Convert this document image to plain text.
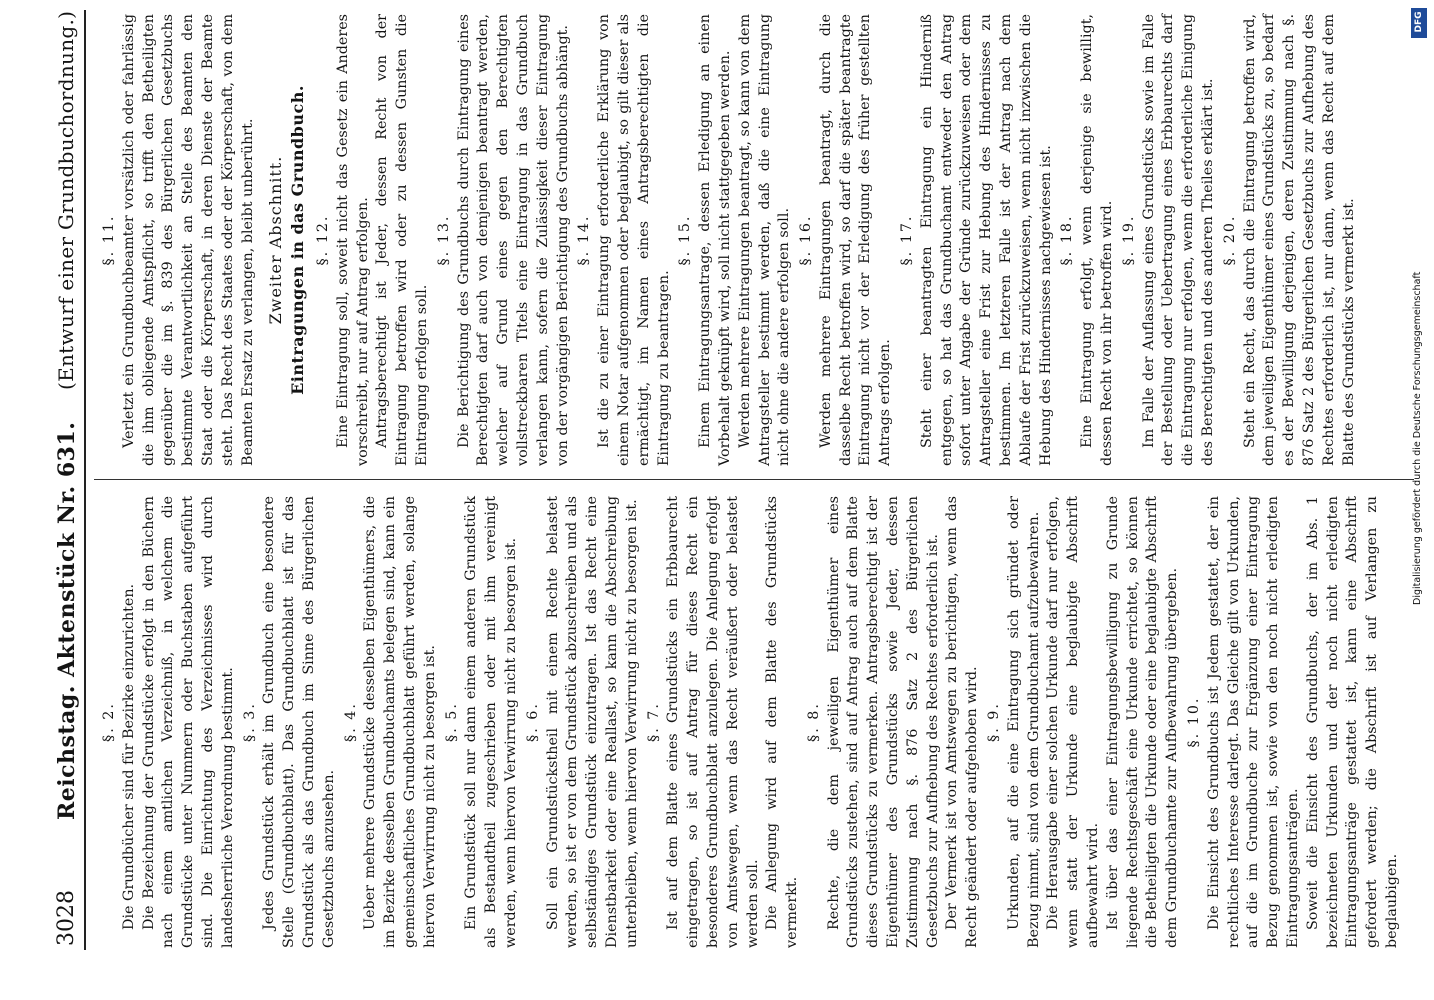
3028
Reichstag. Aktenstück Nr. 631.
(Entwurf einer Grundbuchordnung.)
§. 2. Die Grundbücher sind für Bezirke einzurichten. Die Bezeichnung der Grundstücke erfolgt in den Büchern nach einem amtlichen Verzeichniß, in welchem die Grundstücke unter Nummern oder Buchstaben aufgeführt sind. Die Einrichtung des Verzeichnisses wird durch landesherrliche Verordnung bestimmt. §. 3. Jedes Grundstück erhält im Grundbuch eine besondere Stelle (Grundbuchblatt). Das Grundbuchblatt ist für das Grundstück als das Grundbuch im Sinne des Bürgerlichen Gesetzbuchs anzusehen.

§. 4. Ueber mehrere Grundstücke desselben Eigenthümers, die im Bezirke desselben Grundbuchamts belegen sind, kann ein gemeinschaftliches Grundbuchblatt geführt werden, solange hiervon Verwirrung nicht zu besorgen ist. §. 5. Ein Grundstück soll nur dann einem anderen Grundstück als Bestandtheil zugeschrieben oder mit ihm vereinigt werden, wenn hiervon Verwirrung nicht zu besorgen ist. §. 6. Soll ein Grundstückstheil mit einem Rechte belastet werden, so ist er von dem Grundstück abzuschreiben und als selbständiges Grundstück einzutragen. Ist das Recht eine Dienstbarkeit oder eine Reallast, so kann die Abschreibung unterbleiben, wenn hiervon Verwirrung nicht zu besorgen ist. §. 7. Ist auf dem Blatte eines Grundstücks ein Erbbaurecht eingetragen, so ist auf Antrag für dieses Recht ein besonderes Grundbuchblatt anzulegen. Die Anlegung erfolgt von Amtswegen, wenn das Recht veräußert oder belastet werden soll. Die Anlegung wird auf dem Blatte des Grundstücks vermerkt.

§. 8. Rechte, die dem jeweiligen Eigenthümer eines Grundstücks zustehen, sind auf Antrag auch auf dem Blatte dieses Grundstücks zu vermerken. Antragsberechtigt ist der Eigenthümer des Grundstücks sowie Jeder, dessen Zustimmung nach §. 876 Satz 2 des Bürgerlichen Gesetzbuchs zur Aufhebung des Rechtes erforderlich ist. Der Vermerk ist von Amtswegen zu berichtigen, wenn das Recht geändert oder aufgehoben wird. §. 9. Urkunden, auf die eine Eintragung sich gründet oder Bezug nimmt, sind von dem Grundbuchamt aufzubewahren. Die Herausgabe einer solchen Urkunde darf nur erfolgen, wenn statt der Urkunde eine beglaubigte Abschrift aufbewahrt wird. Ist über das einer Eintragungsbewilligung zu Grunde liegende Rechtsgeschäft eine Urkunde errichtet, so können die Betheiligten die Urkunde oder eine beglaubigte Abschrift dem Grundbuchamte zur Aufbewahrung übergeben. §. 10. Die Einsicht des Grundbuchs ist Jedem gestattet, der ein rechtliches Interesse darlegt. Das Gleiche gilt von Urkunden, auf die im Grundbuche zur Ergänzung einer Eintragung Bezug genommen ist, sowie von den noch nicht erledigten Eintragungsanträgen. Soweit die Einsicht des Grundbuchs, der im Abs. 1 bezeichneten Urkunden und der noch nicht erledigten Eintragungsanträge gestattet ist, kann eine Abschrift gefordert werden; die Abschrift ist auf Verlangen zu beglaubigen.

§. 11. Verletzt ein Grundbuchbeamter vorsätzlich oder fahrlässig die ihm obliegende Amtspflicht, so trifft den Betheiligten gegenüber die im §. 839 des Bürgerlichen Gesetzbuchs bestimmte Verantwortlichkeit an Stelle des Beamten den Staat oder die Körperschaft, in deren Dienste der Beamte steht. Das Recht des Staates oder der Körperschaft, von dem Beamten Ersatz zu verlangen, bleibt unberührt. Zweiter Abschnitt. Eintragungen in das Grundbuch. §. 12. Eine Eintragung soll, soweit nicht das Gesetz ein Anderes vorschreibt, nur auf Antrag erfolgen. Antragsberechtigt ist Jeder, dessen Recht von der Eintragung betroffen wird oder zu dessen Gunsten die Eintragung erfolgen soll.

§. 13. Die Berichtigung des Grundbuchs durch Eintragung eines Berechtigten darf auch von demjenigen beantragt werden, welcher auf Grund eines gegen den Berechtigten vollstreckbaren Titels eine Eintragung in das Grundbuch verlangen kann, sofern die Zulässigkeit dieser Eintragung von der vorgängigen Berichtigung des Grundbuchs abhängt. §. 14. Ist die zu einer Eintragung erforderliche Erklärung von einem Notar aufgenommen oder beglaubigt, so gilt dieser als ermächtigt, im Namen eines Antragsberechtigten die Eintragung zu beantragen.

§. 15. Einem Eintragungsantrage, dessen Erledigung an einen Vorbehalt geknüpft wird, soll nicht stattgegeben werden. Werden mehrere Eintragungen beantragt, so kann von dem Antragsteller bestimmt werden, daß die eine Eintragung nicht ohne die andere erfolgen soll. §. 16. Werden mehrere Eintragungen beantragt, durch die dasselbe Recht betroffen wird, so darf die später beantragte Eintragung nicht vor der Erledigung des früher gestellten Antrags erfolgen.

§. 17. Steht einer beantragten Eintragung ein Hinderniß entgegen, so hat das Grundbuchamt entweder den Antrag sofort unter Angabe der Gründe zurückzuweisen oder dem Antragsteller eine Frist zur Hebung des Hindernisses zu bestimmen. Im letzteren Falle ist der Antrag nach dem Ablaufe der Frist zurückzuweisen, wenn nicht inzwischen die Hebung des Hindernisses nachgewiesen ist. §. 18. Eine Eintragung erfolgt, wenn derjenige sie bewilligt, dessen Recht von ihr betroffen wird. §. 19. Im Falle der Auflassung eines Grundstücks sowie im Falle der Bestellung oder Uebertragung eines Erbbaurechts darf die Eintragung nur erfolgen, wenn die erforderliche Einigung des Berechtigten und des anderen Theiles erklärt ist. §. 20. Steht ein Recht, das durch die Eintragung betroffen wird, dem jeweiligen Eigenthümer eines Grundstücks zu, so bedarf es der Bewilligung derjenigen, deren Zustimmung nach §. 876 Satz 2 des Bürgerlichen Gesetzbuchs zur Aufhebung des Rechtes erforderlich ist, nur dann, wenn das Recht auf dem Blatte des Grundstücks vermerkt ist.

DFG
Digitalisierung gefördert durch die Deutsche Forschungsgemeinschaft
